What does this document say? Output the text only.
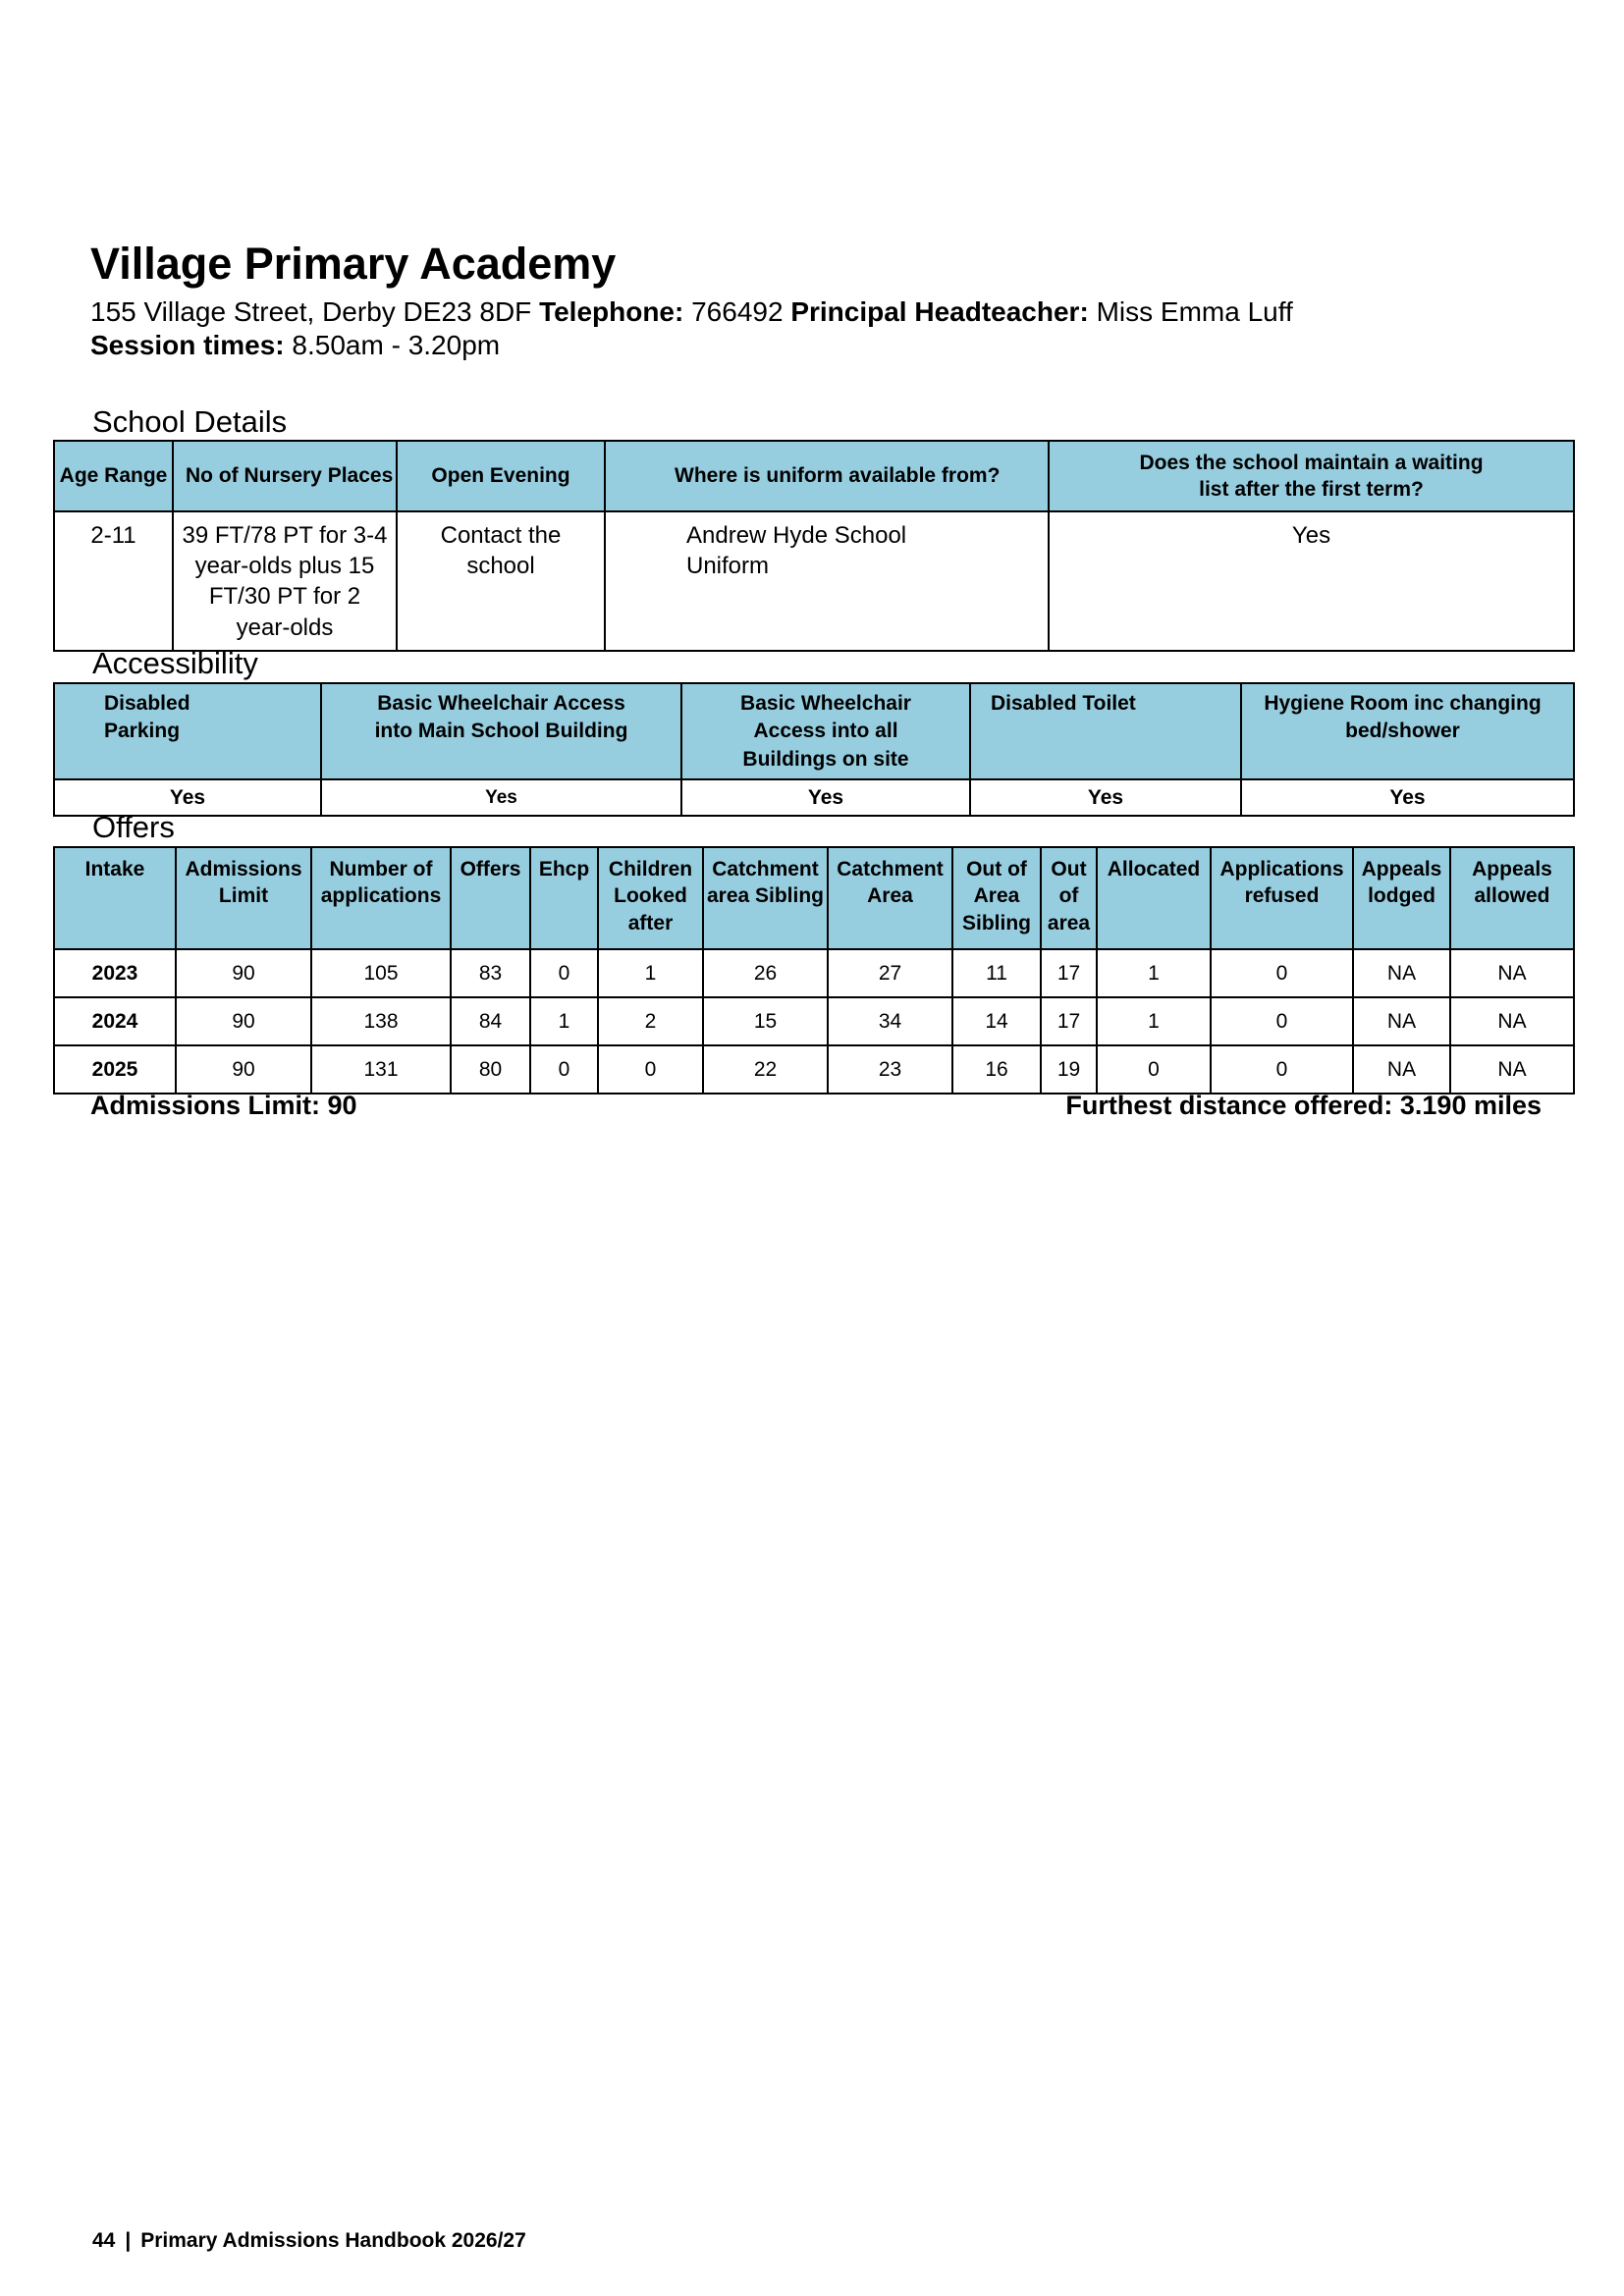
Village Primary Academy
155 Village Street, Derby DE23 8DF Telephone: 766492 Principal Headteacher: Miss Emma Luff
Session times: 8.50am - 3.20pm
School Details
Age Range	No of Nursery Places	Open Evening	Where is uniform available from?	Does the school maintain a waiting list after the first term?
2-11	39 FT/78 PT for 3-4 year-olds plus 15 FT/30 PT for 2 year-olds	Contact the school	Andrew Hyde School Uniform	Yes
Accessibility
Disabled Parking	Basic Wheelchair Access into Main School Building	Basic Wheelchair Access into all Buildings on site	Disabled Toilet	Hygiene Room inc changing bed/shower
Yes	Yes	Yes	Yes	Yes
Offers
Intake	Admissions Limit	Number of applications	Offers	Ehcp	Children Looked after	Catchment area Sibling	Catchment Area	Out of Area Sibling	Out of area	Allocated	Applications refused	Appeals lodged	Appeals allowed
2023	90	105	83	0	1	26	27	11	17	1	0	NA	NA
2024	90	138	84	1	2	15	34	14	17	1	0	NA	NA
2025	90	131	80	0	0	22	23	16	19	0	0	NA	NA
Admissions Limit: 90	Furthest distance offered: 3.190 miles
44 | Primary Admissions Handbook 2026/27
